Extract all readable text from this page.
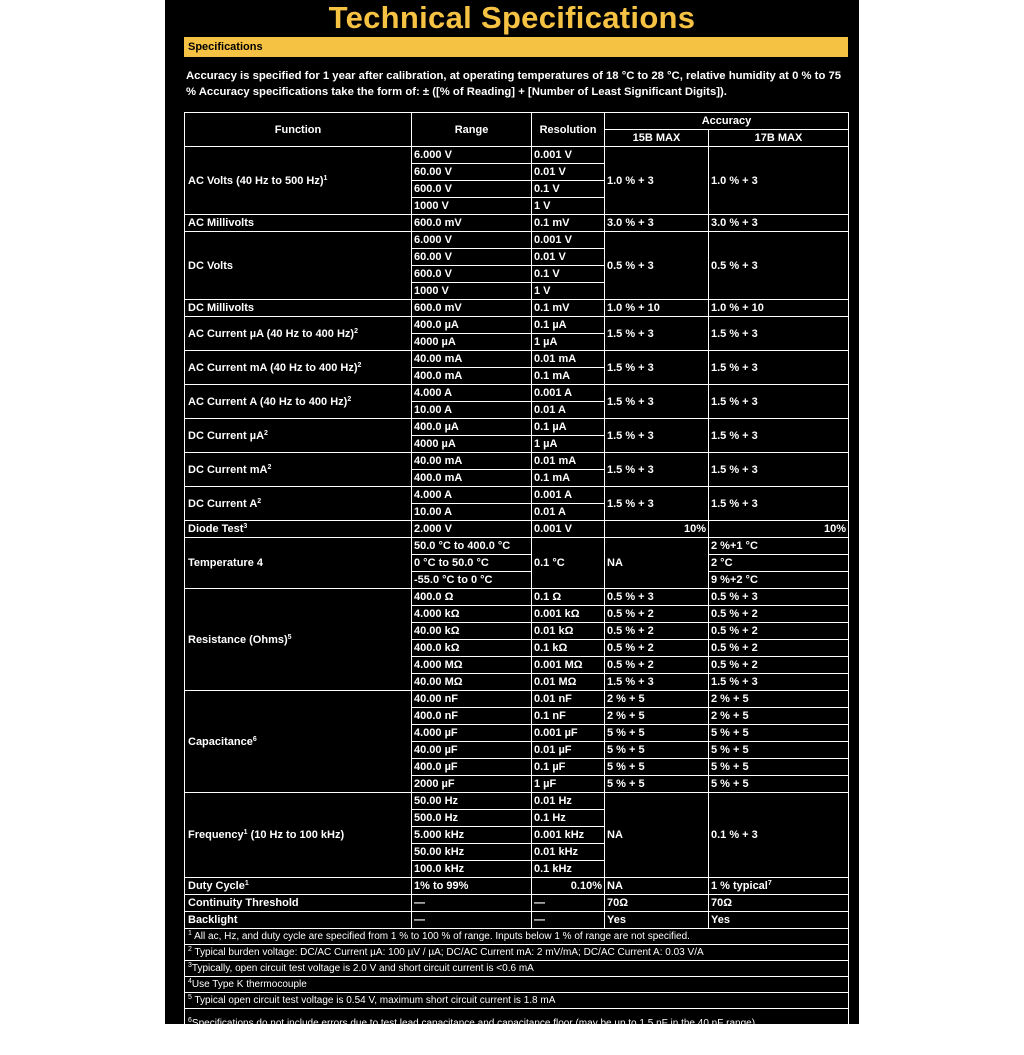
Technical Specifications
Specifications
Accuracy is specified for 1 year after calibration, at operating temperatures of 18 °C to 28 °C, relative humidity at 0 % to 75 % Accuracy specifications take the form of: ± ([% of Reading] + [Number of Least Significant Digits]).
Function	Range	Resolution	Accuracy	
			15B MAX	17B MAX
AC Volts (40 Hz to 500 Hz)$^1$	6.000 V	0.001 V	1.0 % + 3	1.0 % + 3
	60.00 V	0.01 V		
	600.0 V	0.1 V		
	1000 V	1 V		
AC Millivolts	600.0 mV	0.1 mV	3.0 % + 3	3.0 % + 3
DC Volts	6.000 V	0.001 V	0.5 % + 3	0.5 % + 3
	60.00 V	0.01 V		
	600.0 V	0.1 V		
	1000 V	1 V		
DC Millivolts	600.0 mV	0.1 mV	1.0 % + 10	1.0 % + 10
AC Current µA (40 Hz to 400 Hz)$^2$	400.0 µA	0.1 µA	1.5 % + 3	1.5 % + 3
	4000 µA	1 µA		
AC Current mA (40 Hz to 400 Hz)$^2$	40.00 mA	0.01 mA	1.5 % + 3	1.5 % + 3
	400.0 mA	0.1 mA		
AC Current A (40 Hz to 400 Hz)$^2$	4.000 A	0.001 A	1.5 % + 3	1.5 % + 3
	10.00 A	0.01 A		
DC Current µA$^2$	400.0 µA	0.1 µA	1.5 % + 3	1.5 % + 3
	4000 µA	1 µA		
DC Current $mA^2$	40.00 mA	0.01 mA	1.5 % + 3	1.5 % + 3
	400.0 mA	0.1 mA		
DC Current $A^2$	4.000 A	0.001 A	1.5 % + 3	1.5 % + 3
	10.00 A	0.01 A		
Diode Test$^3$	2.000 V	0.001 V	10%	10%
Temperature 4	50.0 °C to 400.0 °C	0.1 °C	NA	2 %+1 °C
	0 °C to 50.0 °C			2 °C
	-55.0 °C to 0 °C			9 %+2 °C
Resistance (Ohms)$^5$	400.0 Ω	0.1 Ω	0.5 % + 3	0.5 % + 3
	4.000 kΩ	0.001 kΩ	0.5 % + 2	0.5 % + 2
	40.00 kΩ	0.01 kΩ	0.5 % + 2	0.5 % + 2
	400.0 kΩ	0.1 kΩ	0.5 % + 2	0.5 % + 2
	4.000 MΩ	0.001 MΩ	0.5 % + 2	0.5 % + 2
	40.00 MΩ	0.01 MΩ	1.5 % + 3	1.5 % + 3
Capacitance$^6$	40.00 nF	0.01 nF	2 % + 5	2 % + 5
	400.0 nF	0.1 nF	2 % + 5	2 % + 5
	4.000 µF	0.001 µF	5 % + 5	5 % + 5
	40.00 µF	0.01 µF	5 % + 5	5 % + 5
	400.0 µF	0.1 µF	5 % + 5	5 % + 5
	2000 µF	1 µF	5 % + 5	5 % + 5
Frequency$^1$ (10 Hz to 100 kHz)	50.00 Hz	0.01 Hz	NA	0.1 % + 3
	500.0 Hz	0.1 Hz		
	5.000 kHz	0.001 kHz		
	50.00 kHz	0.01 kHz		
	100.0 kHz	0.1 kHz		
Duty Cycle$^1$	1% to 99%	0.10%	NA	1 % typical$^7$
Continuity Threshold	—	—	70Ω	70Ω
Backlight	—	—	Yes	Yes
$^1$ All ac, Hz, and duty cycle are specified from 1 % to 100 % of range. Inputs below 1 % of range are not specified.				
$^2$ Typical burden voltage: DC/AC Current µA: 100 µV / µA; DC/AC Current mA: 2 mV/mA; DC/AC Current A: 0.03 V/A				
$^3$Typically, open circuit test voltage is 2.0 V and short circuit current is <0.6 mA				
$^4$Use Type K thermocouple				
$^5$ Typical open circuit test voltage is 0.54 V, maximum short circuit current is 1.8 mA				
$^6$Specifications do not include errors due to test lead capacitance and capacitance floor (may be up to 1.5 nF in the 40 nF range).				
$^7$ Typical means when the frequency is at 50 Hz or 60 Hz and the duty cycle is between 10 % and 90 %.				
